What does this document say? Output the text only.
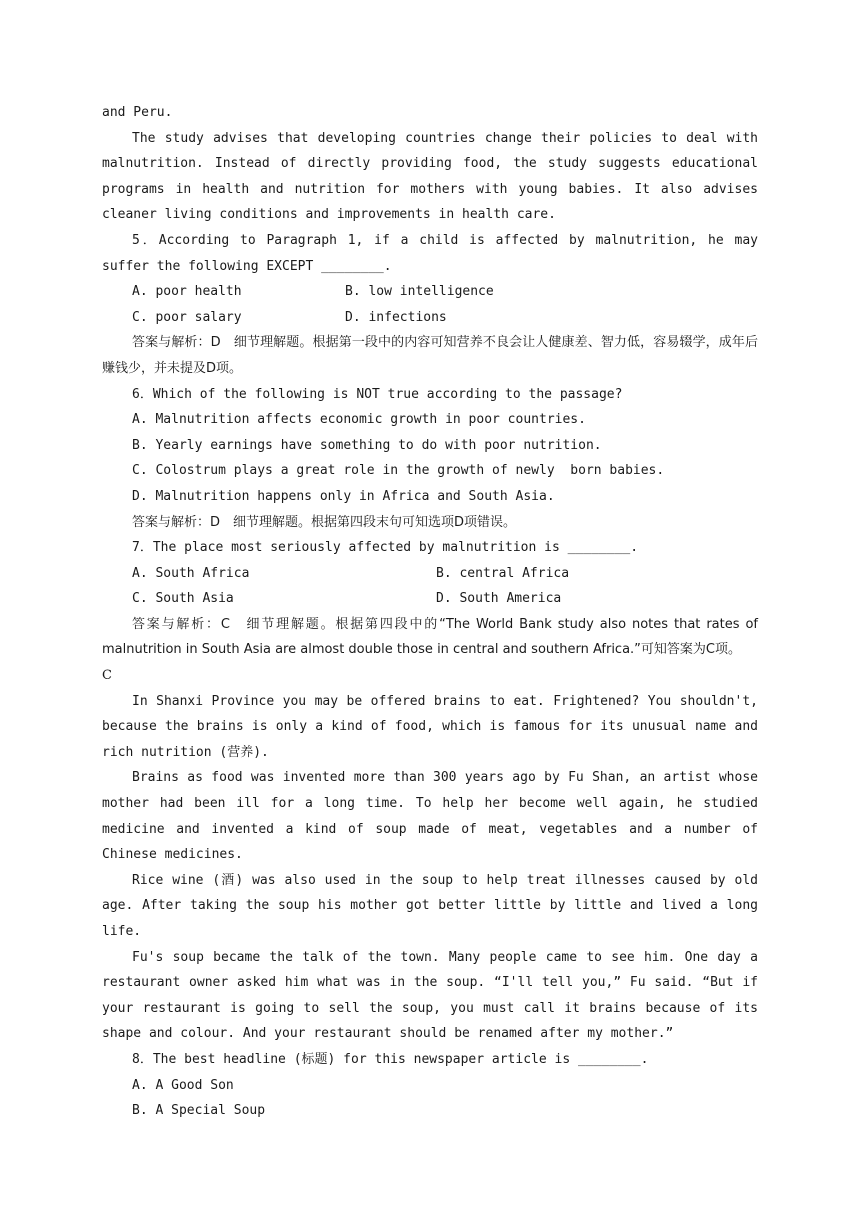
and Peru.

The study advises that developing countries change their policies to deal with malnutrition. Instead of directly providing food, the study suggests educational programs in health and nutrition for mothers with young babies. It also advises cleaner living conditions and improvements in health care.

5．According to Paragraph 1, if a child is affected by malnutrition, he may suffer the following EXCEPT ________.

A. poor health	B. low intelligence
C. poor salary	D. infections

答案与解析：D　细节理解题。根据第一段中的内容可知营养不良会让人健康差、智力低，容易辍学，成年后赚钱少，并未提及D项。

6．Which of the following is NOT true according to the passage?

A. Malnutrition affects economic growth in poor countries.

B. Yearly earnings have something to do with poor nutrition.

C. Colostrum plays a great role in the growth of newly  born babies.

D. Malnutrition happens only in Africa and South Asia.

答案与解析：D　细节理解题。根据第四段末句可知选项D项错误。

7．The place most seriously affected by malnutrition is ________.

A. South Africa	B. central Africa
C. South Asia	D. South America

答案与解析：C　细节理解题。根据第四段中的“The World Bank study also notes that rates of malnutrition in South Asia are almost double those in central and southern Africa.”可知答案为C项。

C

In Shanxi Province you may be offered brains to eat. Frightened? You shouldn't, because the brains is only a kind of food, which is famous for its unusual name and rich nutrition (营养).

Brains as food was invented more than 300 years ago by Fu Shan, an artist whose mother had been ill for a long time. To help her become well again, he studied medicine and invented a kind of soup made of meat, vegetables and a number of Chinese medicines.

Rice wine (酒) was also used in the soup to help treat illnesses caused by old age. After taking the soup his mother got better little by little and lived a long life.

Fu's soup became the talk of the town. Many people came to see him. One day a restaurant owner asked him what was in the soup. “I'll tell you,” Fu said. “But if your restaurant is going to sell the soup, you must call it brains because of its shape and colour. And your restaurant should be renamed after my mother.”

8．The best headline (标题) for this newspaper article is ________.

A. A Good Son

B. A Special Soup
